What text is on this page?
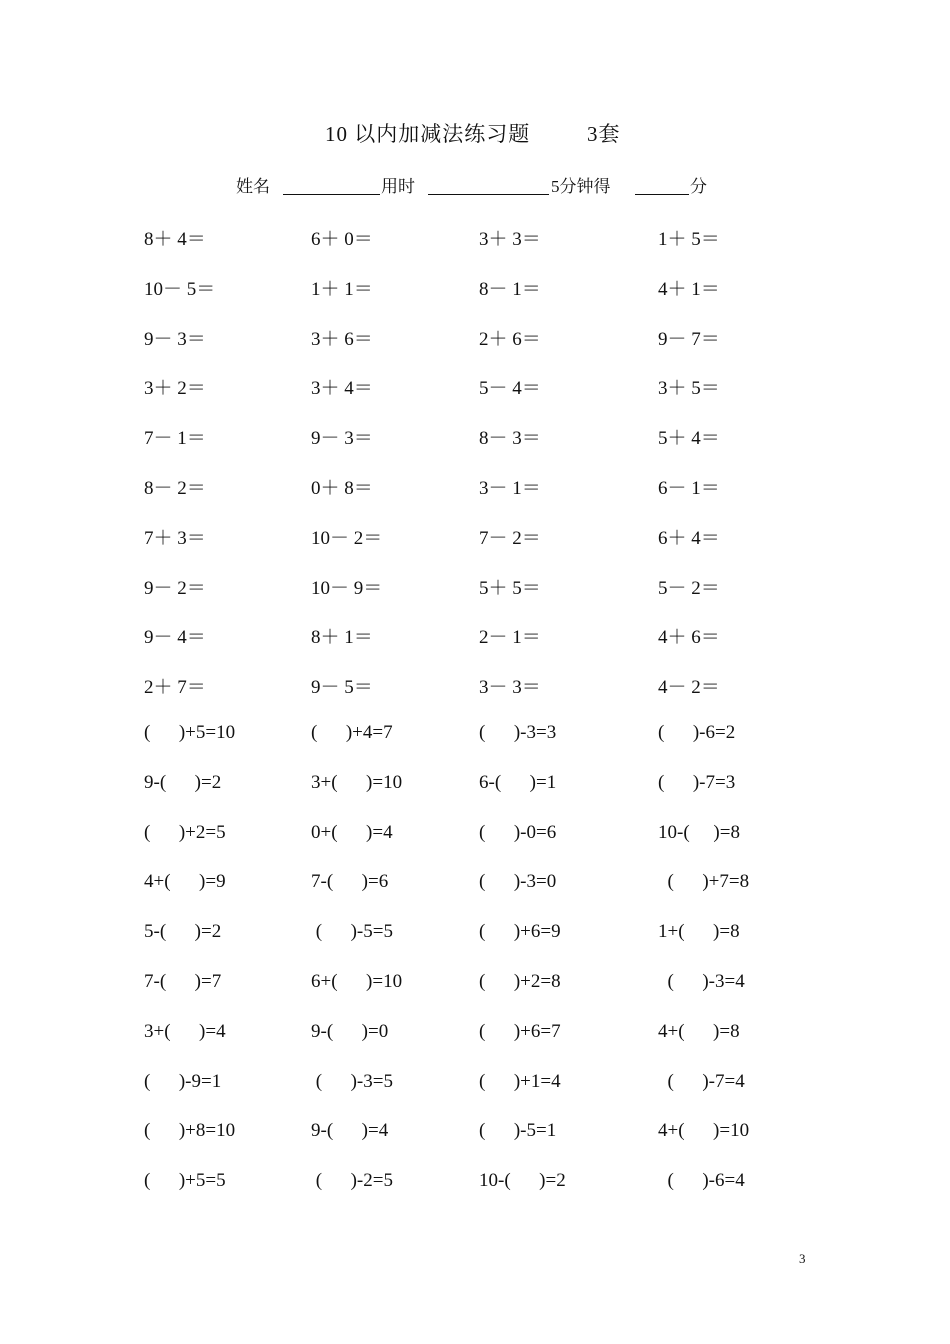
10 以内加减法练习题	3套
姓名	用时	5分钟得	分
8＋ 4＝	6＋ 0＝	3＋ 3＝	1＋ 5＝
10－ 5＝	1＋ 1＝	8－ 1＝	4＋ 1＝
9－ 3＝	3＋ 6＝	2＋ 6＝	9－ 7＝
3＋ 2＝	3＋ 4＝	5－ 4＝	3＋ 5＝
7－ 1＝	9－ 3＝	8－ 3＝	5＋ 4＝
8－ 2＝	0＋ 8＝	3－ 1＝	6－ 1＝
7＋ 3＝	10－ 2＝	7－ 2＝	6＋ 4＝
9－ 2＝	10－ 9＝	5＋ 5＝	5－ 2＝
9－ 4＝	8＋ 1＝	2－ 1＝	4＋ 6＝
2＋ 7＝	9－ 5＝	3－ 3＝	4－ 2＝
(      )+5=10	(      )+4=7	(      )-3=3	(      )-6=2
9-(      )=2	3+(      )=10	6-(      )=1	(      )-7=3
(      )+2=5	0+(      )=4	(      )-0=6	10-(     )=8
4+(      )=9	7-(      )=6	(      )-3=0	(      )+7=8
5-(      )=2	(      )-5=5	(      )+6=9	1+(      )=8
7-(      )=7	6+(      )=10	(      )+2=8	(      )-3=4
3+(      )=4	9-(      )=0	(      )+6=7	4+(      )=8
(      )-9=1	(      )-3=5	(      )+1=4	(      )-7=4
(      )+8=10	9-(      )=4	(      )-5=1	4+(      )=10
(      )+5=5	(      )-2=5	10-(      )=2	(      )-6=4
3
